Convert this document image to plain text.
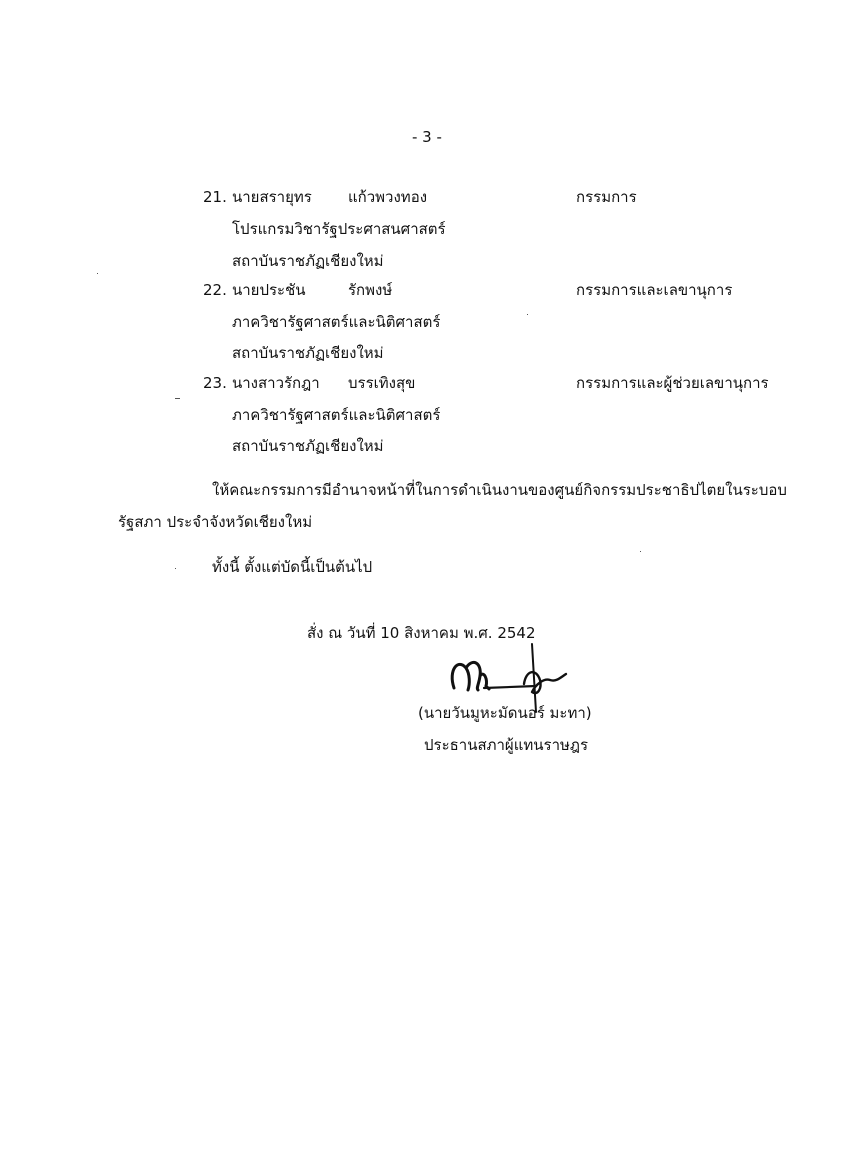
- 3 -
21. นายสรายุทร แก้วพวงทอง	กรรมการ
โปรแกรมวิชารัฐประศาสนศาสตร์
สถาบันราชภัฏเชียงใหม่
22. นายประชัน	รักพงษ์	กรรมการและเลขานุการ
ภาควิชารัฐศาสตร์และนิติศาสตร์
สถาบันราชภัฏเชียงใหม่
23. นางสาวรักฎา บรรเทิงสุข	กรรมการและผู้ช่วยเลขานุการ
ภาควิชารัฐศาสตร์และนิติศาสตร์
สถาบันราชภัฏเชียงใหม่
ให้คณะกรรมการมีอำนาจหน้าที่ในการดำเนินงานของศูนย์กิจกรรมประชาธิปไตยในระบอบ
รัฐสภา ประจำจังหวัดเชียงใหม่
ทั้งนี้ ตั้งแต่บัดนี้เป็นต้นไป
สั่ง ณ วันที่ 10 สิงหาคม พ.ศ. 2542
(นายวันมูหะมัดนอร์ มะทา)
ประธานสภาผู้แทนราษฎร
